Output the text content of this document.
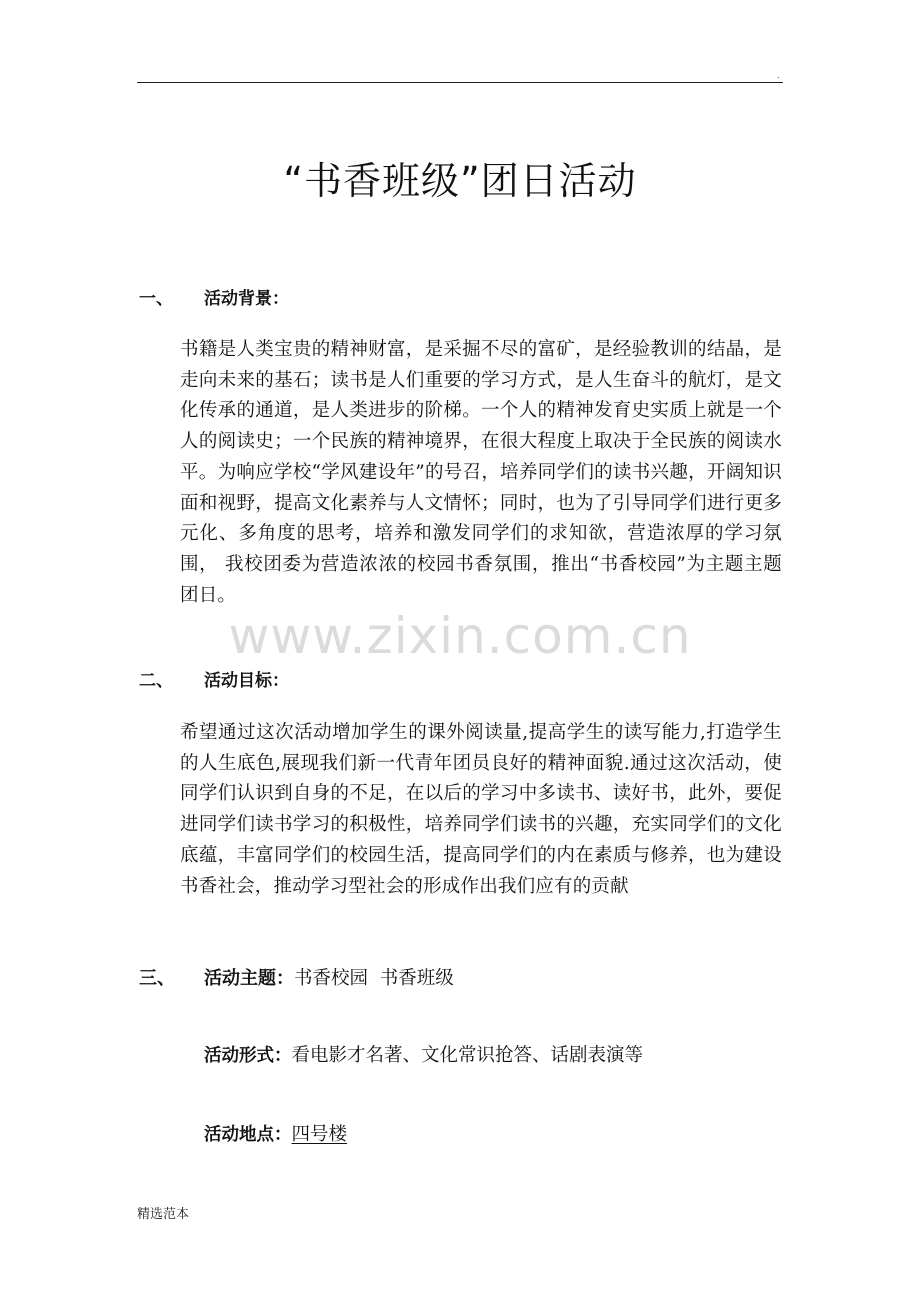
.
“书香班级”团日活动
一、 活动背景：
书籍是人类宝贵的精神财富，是采掘不尽的富矿，是经验教训的结晶，是走向未来的基石；读书是人们重要的学习方式，是人生奋斗的航灯，是文化传承的通道，是人类进步的阶梯。一个人的精神发育史实质上就是一个人的阅读史；一个民族的精神境界，在很大程度上取决于全民族的阅读水平。为响应学校“学风建设年”的号召，培养同学们的读书兴趣，开阔知识面和视野，提高文化素养与人文情怀；同时，也为了引导同学们进行更多元化、多角度的思考，培养和激发同学们的求知欲，营造浓厚的学习氛围， 我校团委为营造浓浓的校园书香氛围，推出“书香校园”为主题主题团日。
www.zixin.com.cn
二、 活动目标：
希望通过这次活动增加学生的课外阅读量,提高学生的读写能力,打造学生的人生底色,展现我们新一代青年团员良好的精神面貌.通过这次活动，使同学们认识到自身的不足，在以后的学习中多读书、读好书，此外，要促进同学们读书学习的积极性，培养同学们读书的兴趣，充实同学们的文化底蕴，丰富同学们的校园生活，提高同学们的内在素质与修养，也为建设书香社会，推动学习型社会的形成作出我们应有的贡献
三、 活动主题：书香校园  书香班级
活动形式：看电影才名著、文化常识抢答、话剧表演等
活动地点：四号楼
精选范本
